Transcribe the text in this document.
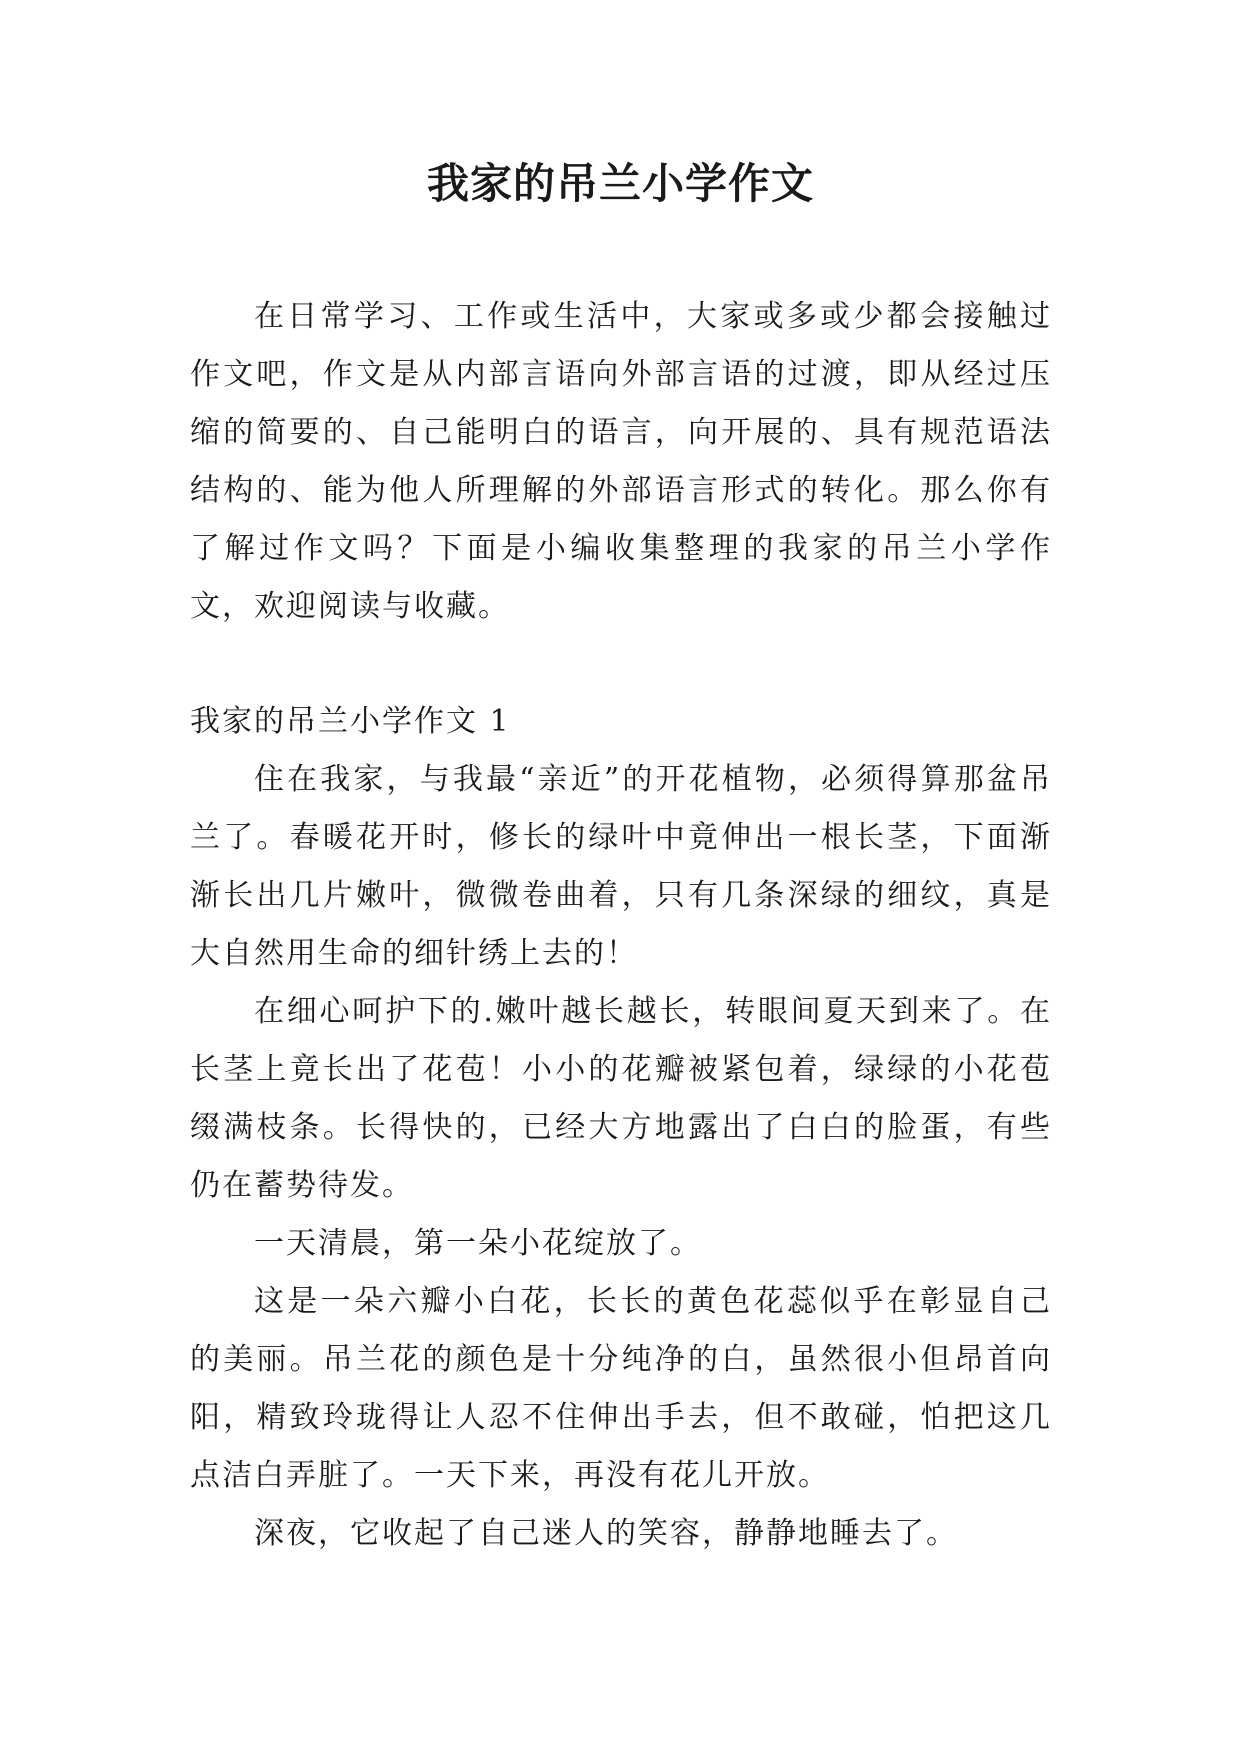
我家的吊兰小学作文

在日常学习、工作或生活中，大家或多或少都会接触过作文吧，作文是从内部言语向外部言语的过渡，即从经过压缩的简要的、自己能明白的语言，向开展的、具有规范语法结构的、能为他人所理解的外部语言形式的转化。那么你有了解过作文吗？下面是小编收集整理的我家的吊兰小学作文，欢迎阅读与收藏。

我家的吊兰小学作文 1

住在我家，与我最“亲近”的开花植物，必须得算那盆吊兰了。春暖花开时，修长的绿叶中竟伸出一根长茎，下面渐渐长出几片嫩叶，微微卷曲着，只有几条深绿的细纹，真是大自然用生命的细针绣上去的！

在细心呵护下的.嫩叶越长越长，转眼间夏天到来了。在长茎上竟长出了花苞！小小的花瓣被紧包着，绿绿的小花苞缀满枝条。长得快的，已经大方地露出了白白的脸蛋，有些仍在蓄势待发。

一天清晨，第一朵小花绽放了。

这是一朵六瓣小白花，长长的黄色花蕊似乎在彰显自己的美丽。吊兰花的颜色是十分纯净的白，虽然很小但昂首向阳，精致玲珑得让人忍不住伸出手去，但不敢碰，怕把这几点洁白弄脏了。一天下来，再没有花儿开放。

深夜，它收起了自己迷人的笑容，静静地睡去了。
